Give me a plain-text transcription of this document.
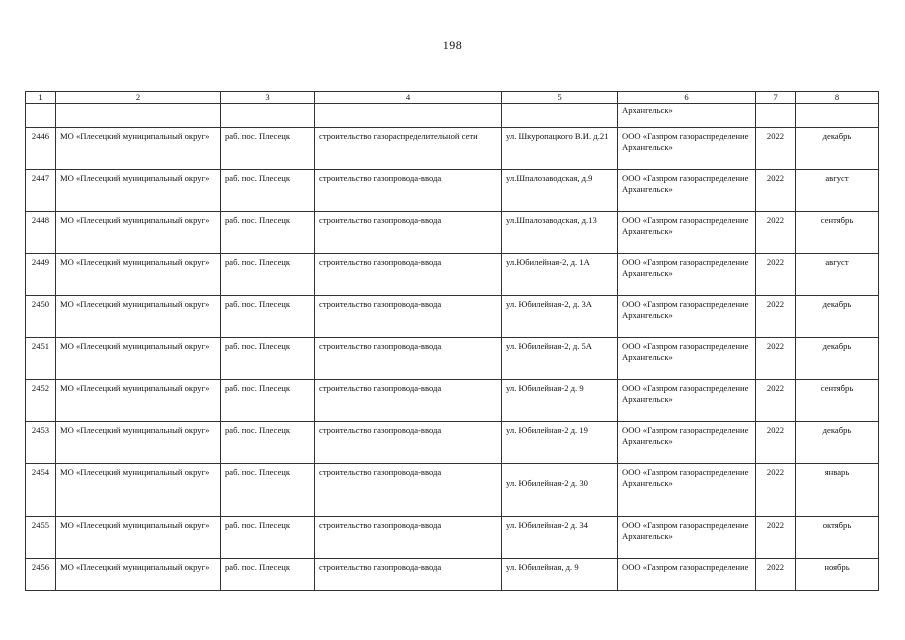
198
1	2	3	4	5	6	7	8
					Архангельск»		
2446	МО «Плесецкий муниципальный округ»	раб. пос. Плесецк	строительство газораспределительной сети	ул. Шкуропацкого В.И. д.21	ООО «Газпром газораспределение Архангельск»	2022	декабрь
2447	МО «Плесецкий муниципальный округ»	раб. пос. Плесецк	строительство газопровода-ввода	ул.Шпалозаводская, д.9	ООО «Газпром газораспределение Архангельск»	2022	август
2448	МО «Плесецкий муниципальный округ»	раб. пос. Плесецк	строительство газопровода-ввода	ул.Шпалозаводская, д.13	ООО «Газпром газораспределение Архангельск»	2022	сентябрь
2449	МО «Плесецкий муниципальный округ»	раб. пос. Плесецк	строительство газопровода-ввода	ул.Юбилейная-2, д. 1А	ООО «Газпром газораспределение Архангельск»	2022	август
2450	МО «Плесецкий муниципальный округ»	раб. пос. Плесецк	строительство газопровода-ввода	ул. Юбилейная-2, д. 3А	ООО «Газпром газораспределение Архангельск»	2022	декабрь
2451	МО «Плесецкий муниципальный округ»	раб. пос. Плесецк	строительство газопровода-ввода	ул. Юбилейная-2, д. 5А	ООО «Газпром газораспределение Архангельск»	2022	декабрь
2452	МО «Плесецкий муниципальный округ»	раб. пос. Плесецк	строительство газопровода-ввода	ул. Юбилейная-2 д. 9	ООО «Газпром газораспределение Архангельск»	2022	сентябрь
2453	МО «Плесецкий муниципальный округ»	раб. пос. Плесецк	строительство газопровода-ввода	ул. Юбилейная-2 д. 19	ООО «Газпром газораспределение Архангельск»	2022	декабрь
2454	МО «Плесецкий муниципальный округ»	раб. пос. Плесецк	строительство газопровода-ввода	ул. Юбилейная-2 д. 30	ООО «Газпром газораспределение Архангельск»	2022	январь
2455	МО «Плесецкий муниципальный округ»	раб. пос. Плесецк	строительство газопровода-ввода	ул. Юбилейная-2 д. 34	ООО «Газпром газораспределение Архангельск»	2022	октябрь
2456	МО «Плесецкий муниципальный округ»	раб. пос. Плесецк	строительство газопровода-ввода	ул. Юбилейная, д. 9	ООО «Газпром газораспределение	2022	ноябрь
